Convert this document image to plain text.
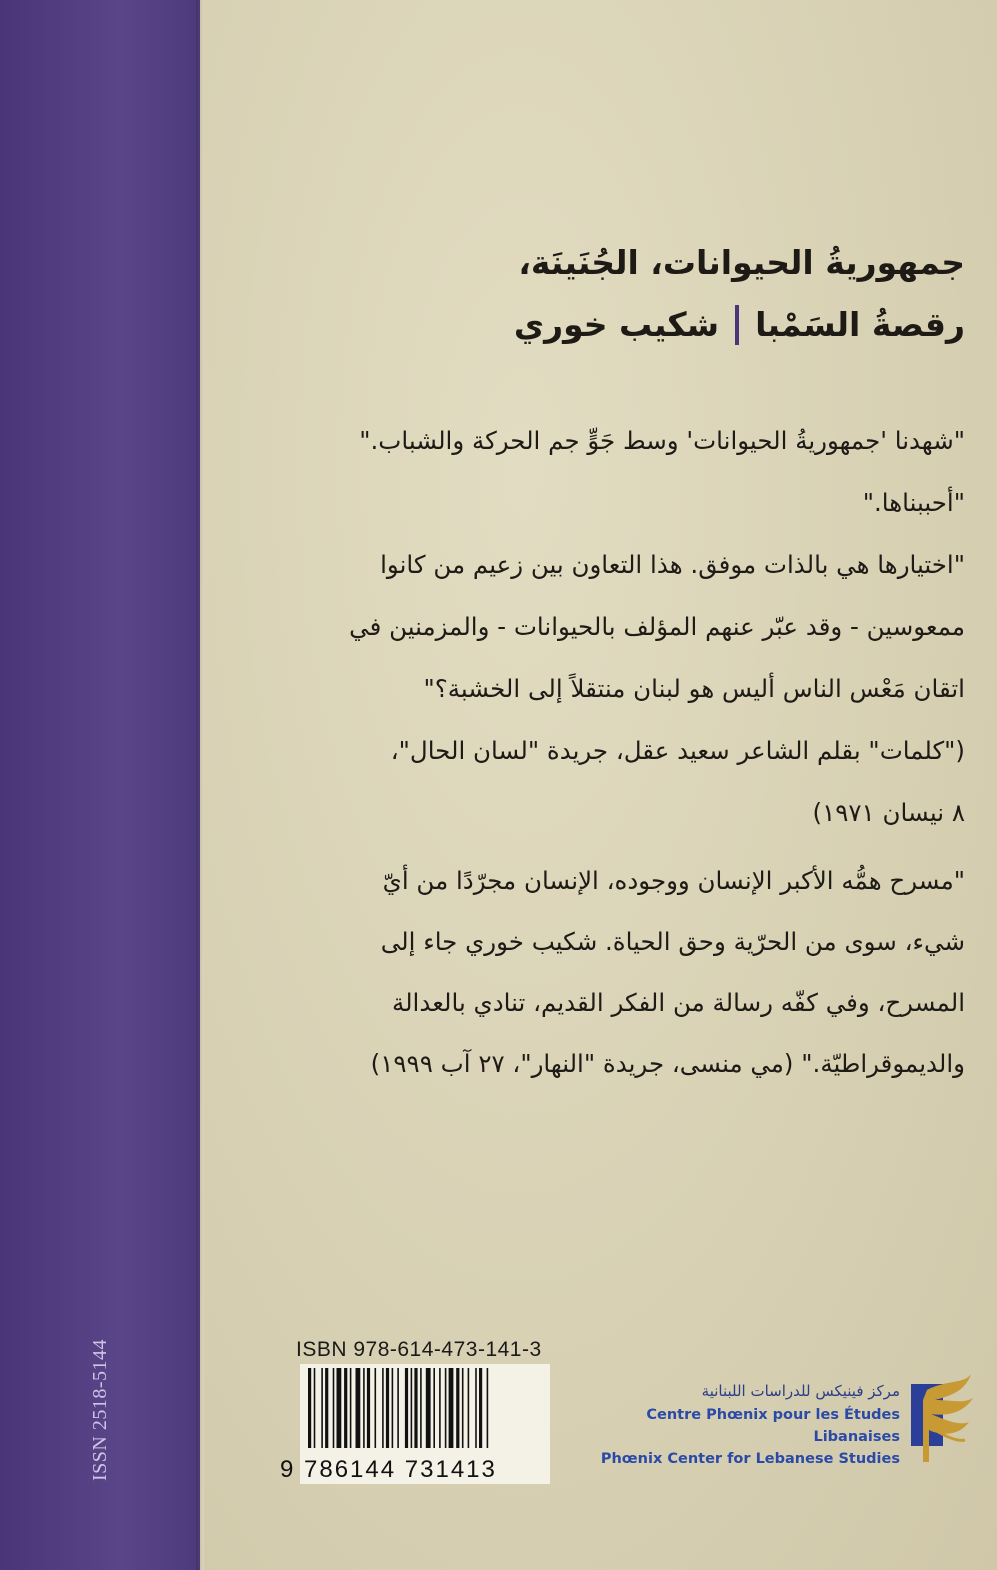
ISSN 2518-5144
جمهوريةُ الحيوانات، الجُنَينَة،
رقصةُ السَمْبا
شكيب خوري

"شهدنا 'جمهوريةُ الحيوانات' وسط جَوٍّ جم الحركة والشباب."

"أحببناها."

"اختيارها هي بالذات موفق. هذا التعاون بين زعيم من كانوا

ممعوسين - وقد عبّر عنهم المؤلف بالحيوانات - والمزمنين في

اتقان مَعْس الناس أليس هو لبنان منتقلاً إلى الخشبة؟"

("كلمات" بقلم الشاعر سعيد عقل، جريدة "لسان الحال"،

٨ نيسان ١٩٧١)

"مسرح همُّه الأكبر الإنسان ووجوده، الإنسان مجرّدًا من أيّ

شيء، سوى من الحرّية وحق الحياة. شكيب خوري جاء إلى

المسرح، وفي كفّه رسالة من الفكر القديم، تنادي بالعدالة

والديموقراطيّة." (مي منسى، جريدة "النهار"، ٢٧ آب ١٩٩٩)

ISBN 978-614-473-141-3
9 786144 731413
مركز فينيكس للدراسات اللبنانية
Centre Phœnix pour les Études Libanaises
Phœnix Center for Lebanese Studies
